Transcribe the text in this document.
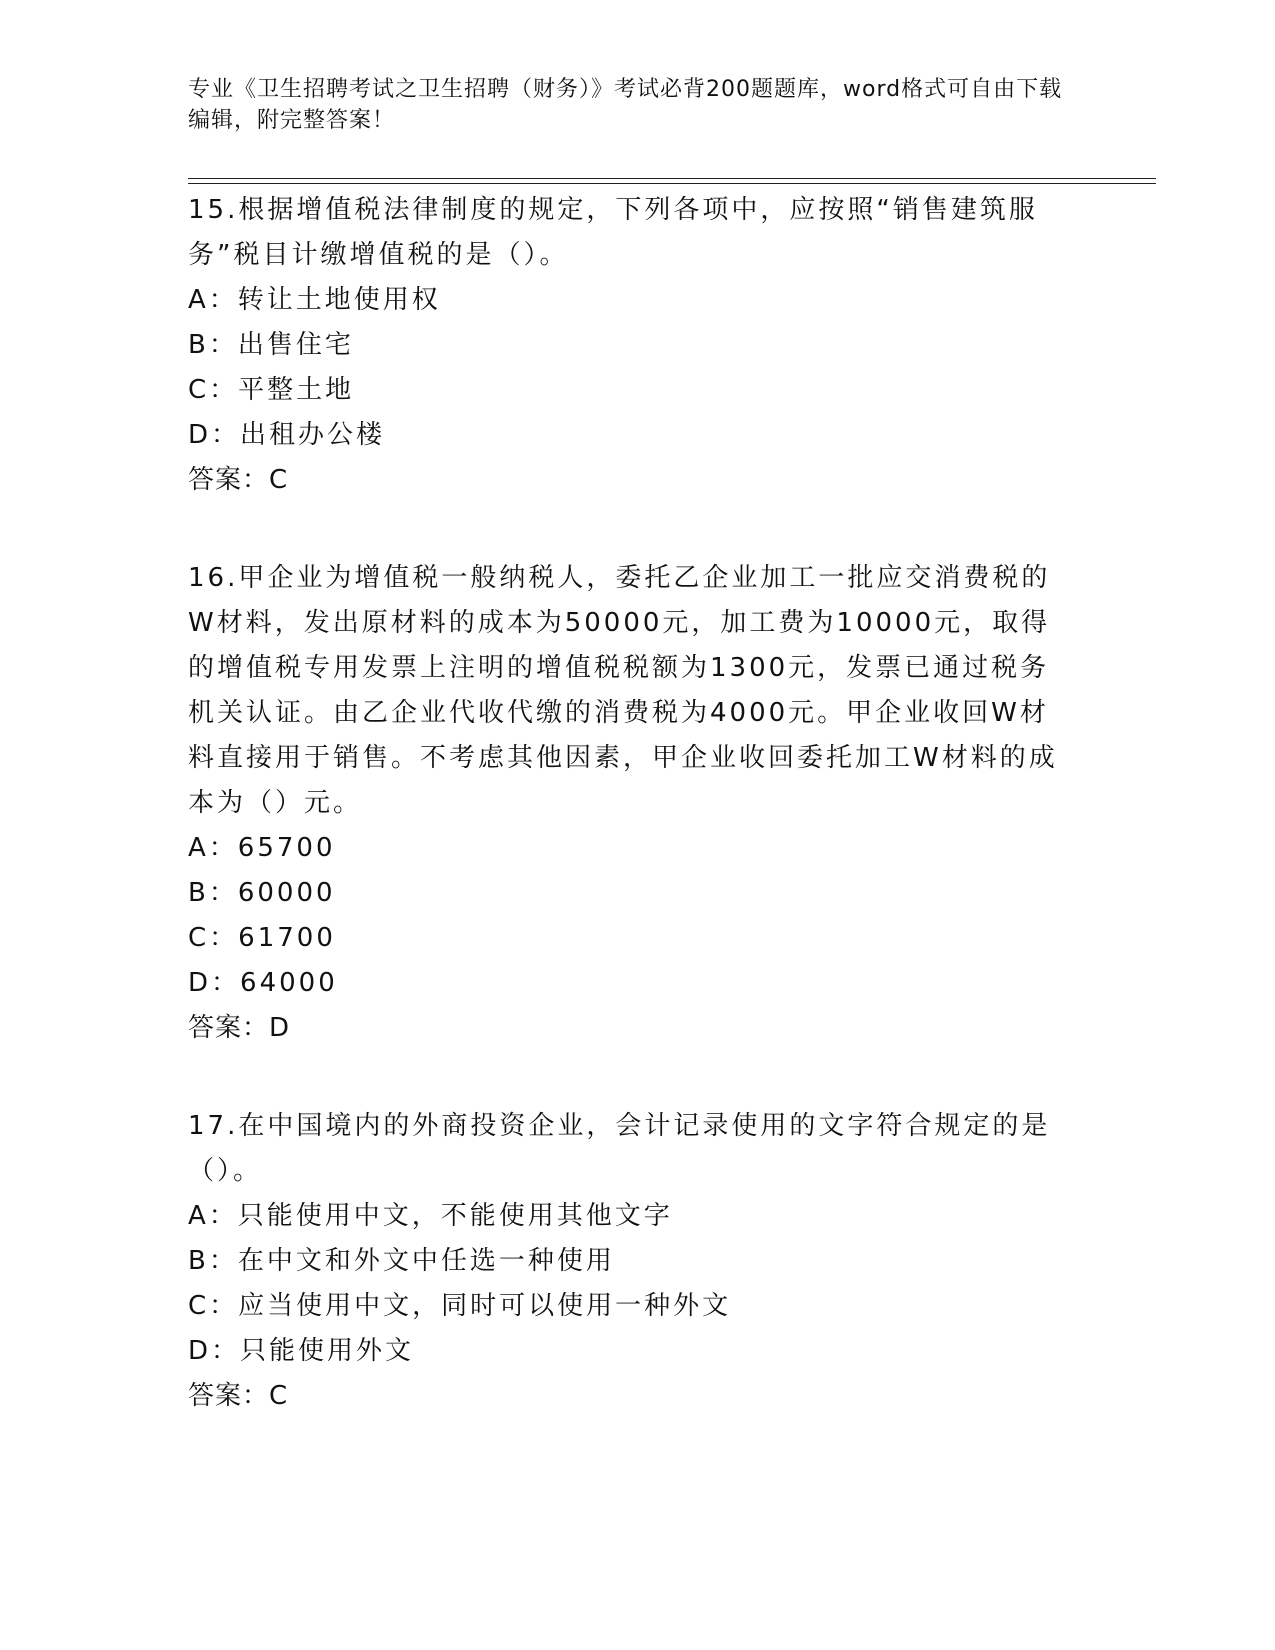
专业《卫生招聘考试之卫生招聘（财务）》考试必背200题题库，word格式可自由下载编辑，附完整答案！
15.根据增值税法律制度的规定，下列各项中，应按照“销售建筑服务”税目计缴增值税的是（）。
A：转让土地使用权
B：出售住宅
C：平整土地
D：出租办公楼
答案：C
16.甲企业为增值税一般纳税人，委托乙企业加工一批应交消费税的W材料，发出原材料的成本为50000元，加工费为10000元，取得的增值税专用发票上注明的增值税税额为1300元，发票已通过税务机关认证。由乙企业代收代缴的消费税为4000元。甲企业收回W材料直接用于销售。不考虑其他因素，甲企业收回委托加工W材料的成本为（）元。
A：65700
B：60000
C：61700
D：64000
答案：D
17.在中国境内的外商投资企业，会计记录使用的文字符合规定的是（）。
A：只能使用中文，不能使用其他文字
B：在中文和外文中任选一种使用
C：应当使用中文，同时可以使用一种外文
D：只能使用外文
答案：C
